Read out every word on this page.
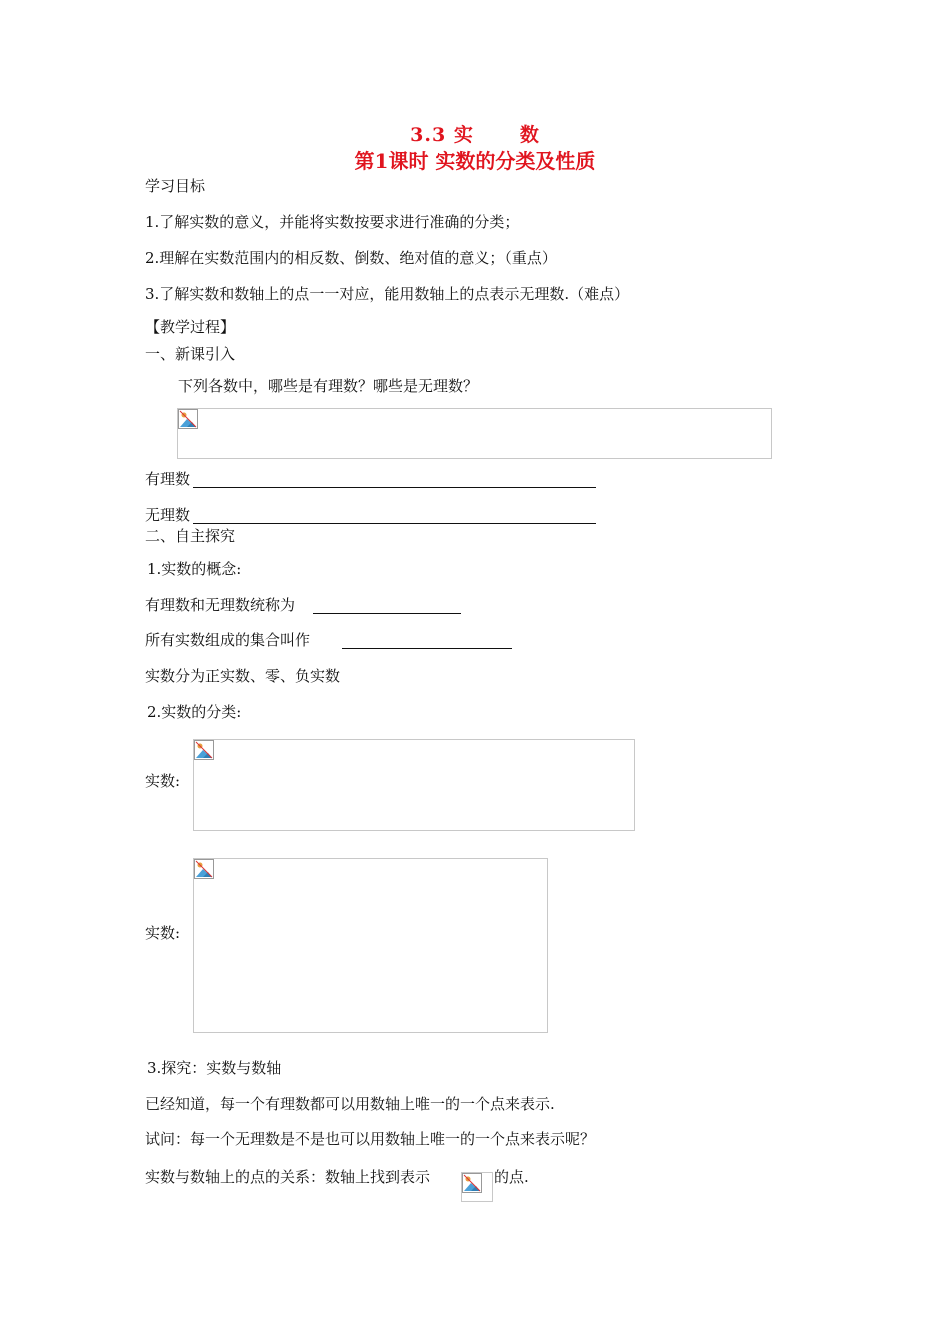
3.3 实 数
第1课时 实数的分类及性质
学习目标
1.了解实数的意义，并能将实数按要求进行准确的分类；
2.理解在实数范围内的相反数、倒数、绝对值的意义；（重点）
3.了解实数和数轴上的点一一对应，能用数轴上的点表示无理数.（难点）
【教学过程】
一、新课引入
下列各数中，哪些是有理数？哪些是无理数？
有理数
无理数
二、自主探究
1.实数的概念:
有理数和无理数统称为
所有实数组成的集合叫作
实数分为正实数、零、负实数
2.实数的分类:
实数:
实数:
3.探究：实数与数轴
已经知道，每一个有理数都可以用数轴上唯一的一个点来表示.
试问：每一个无理数是不是也可以用数轴上唯一的一个点来表示呢？
实数与数轴上的点的关系：数轴上找到表示	的点.
